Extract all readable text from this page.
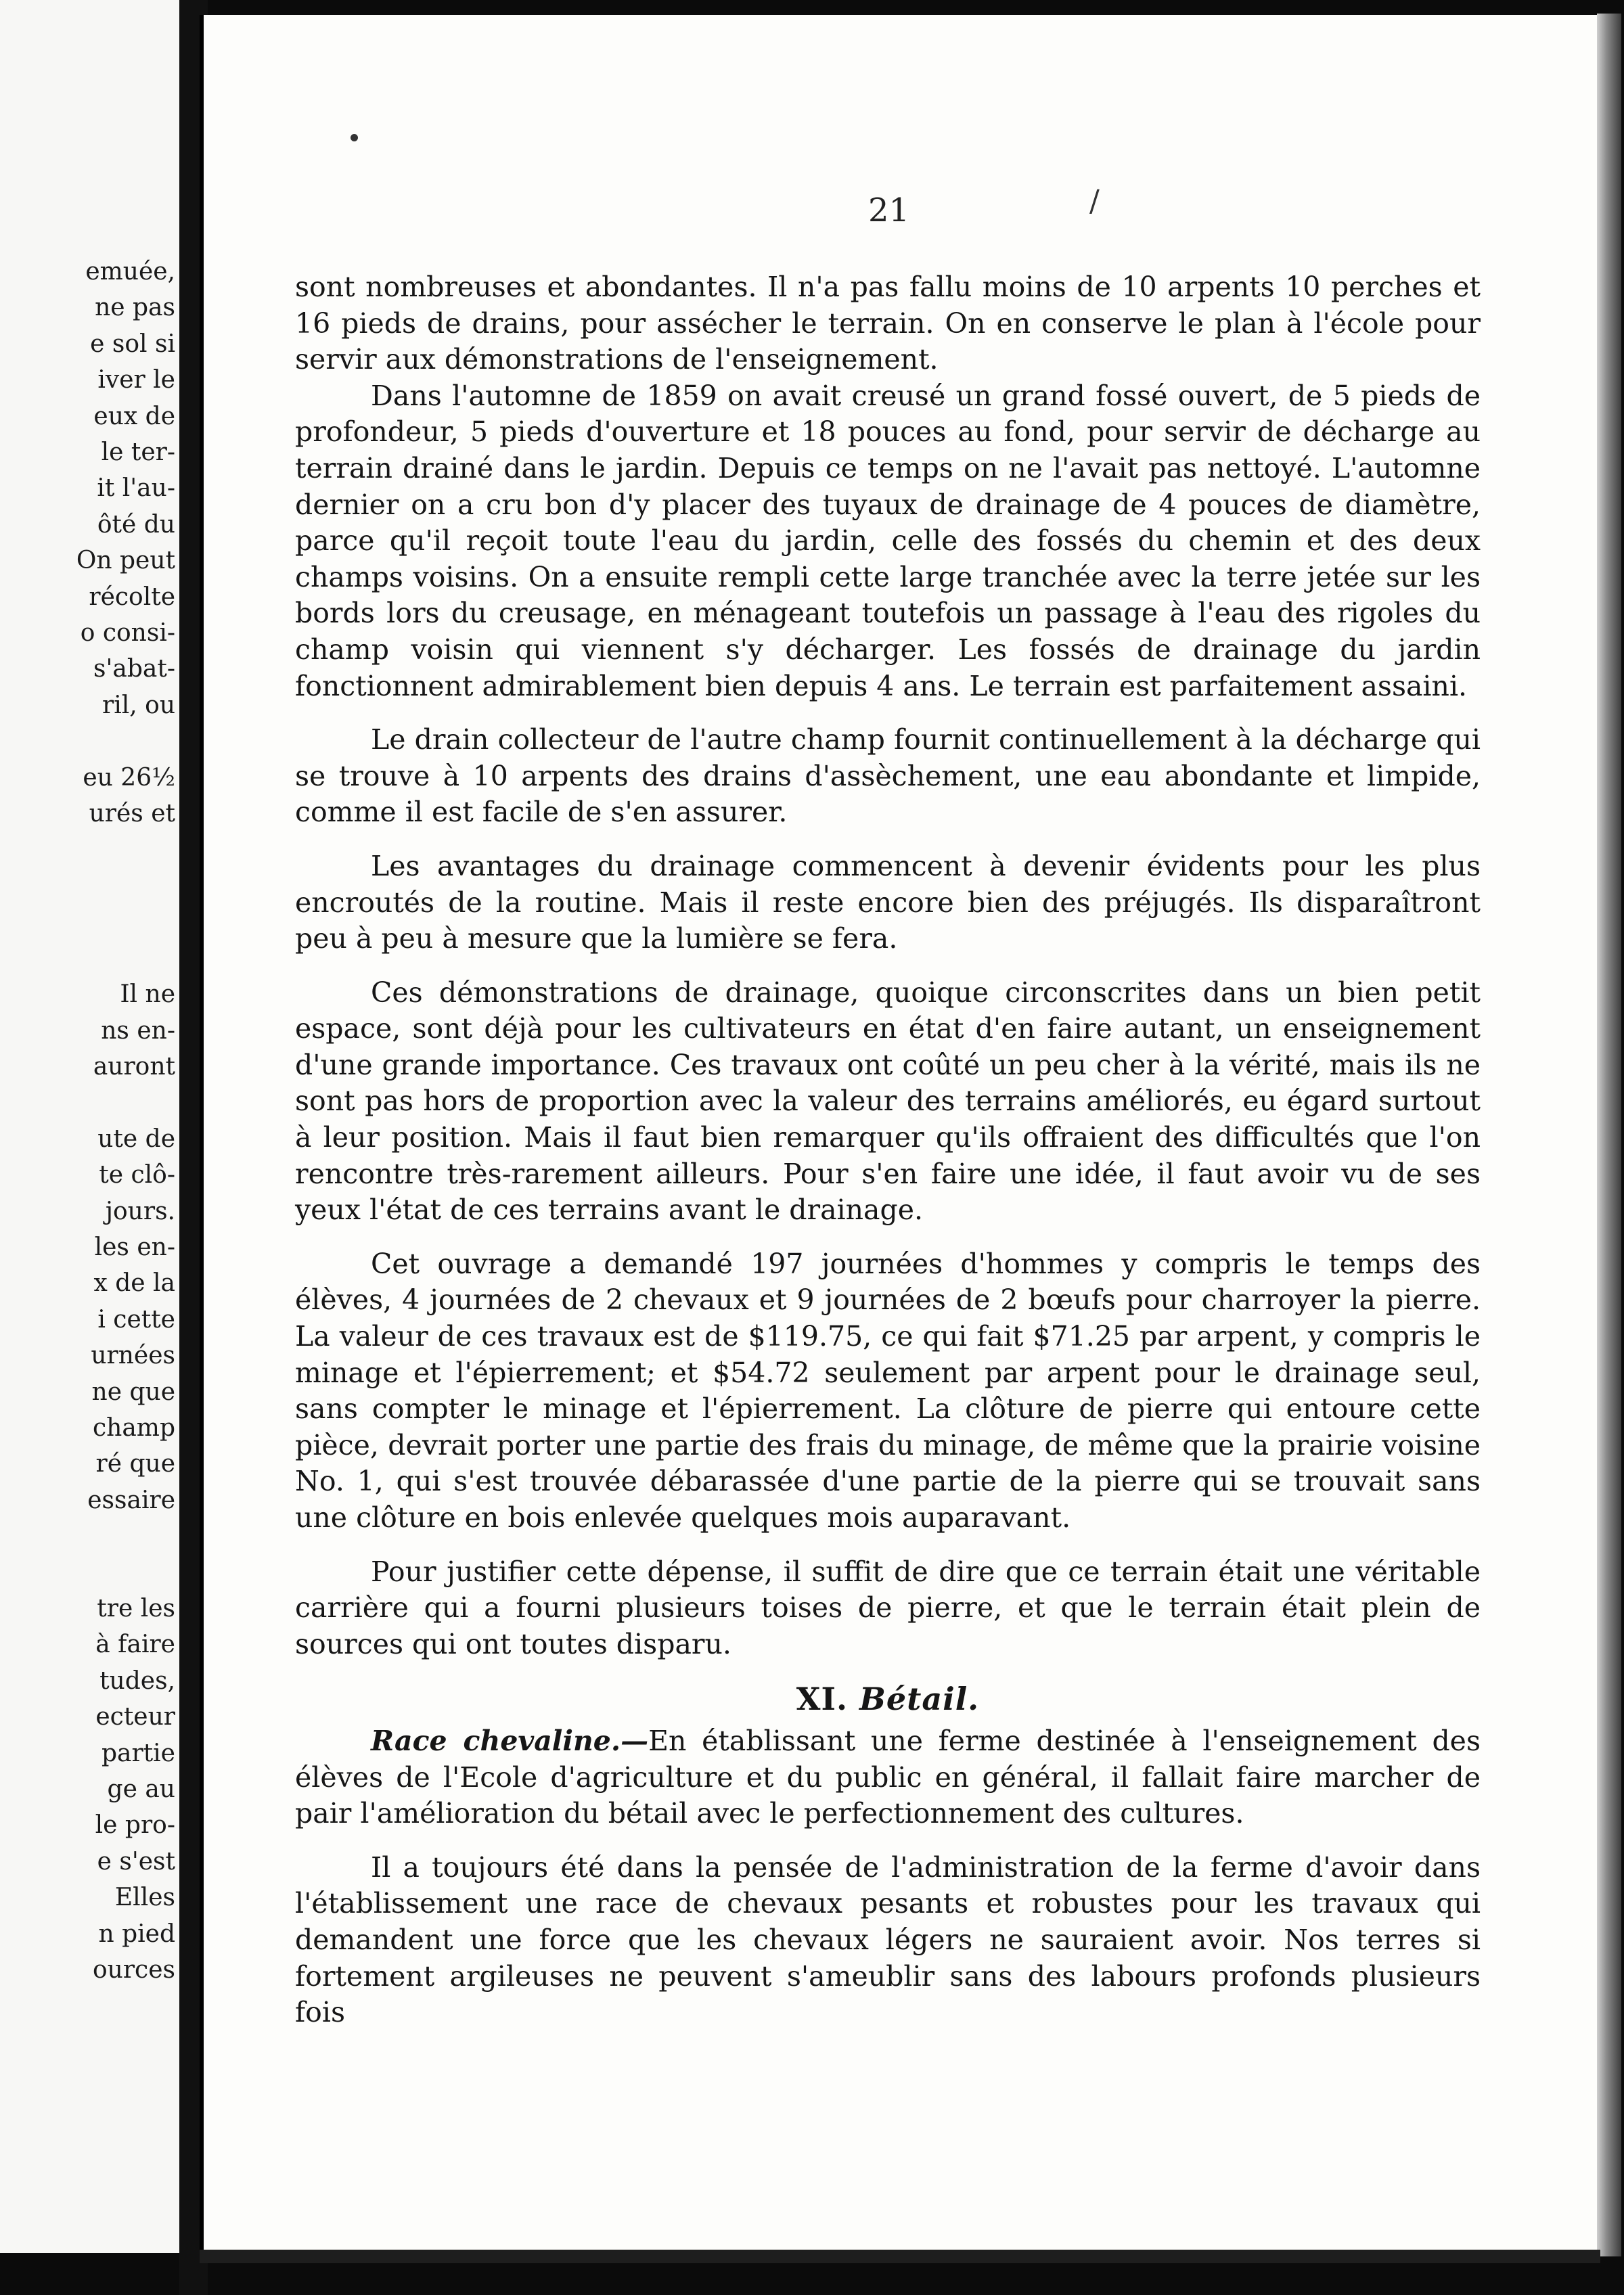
emuée,
ne pas
e sol si
iver le
eux de
le ter-
it l'au-
ôté du
On peut
récolte
o consi-
s'abat-
ril, ou

eu 26½
urés et

Il ne
ns en-
auront

ute de
te clô-
jours.
les en-
x de la
i cette
urnées
ne que
champ
ré que
essaire

tre les
à faire
tudes,
ecteur
partie
ge au
le pro-
e s'est
Elles
n pied
ources
21	/

sont nombreuses et abondantes. Il n'a pas fallu moins de 10 arpents 10 perches et 16 pieds de drains, pour assécher le terrain. On en conserve le plan à l'école pour servir aux démonstrations de l'enseignement.

Dans l'automne de 1859 on avait creusé un grand fossé ouvert, de 5 pieds de profondeur, 5 pieds d'ouverture et 18 pouces au fond, pour servir de décharge au terrain drainé dans le jardin. Depuis ce temps on ne l'avait pas nettoyé. L'automne dernier on a cru bon d'y placer des tuyaux de drainage de 4 pouces de diamètre, parce qu'il reçoit toute l'eau du jardin, celle des fossés du chemin et des deux champs voisins. On a ensuite rempli cette large tranchée avec la terre jetée sur les bords lors du creusage, en ménageant toutefois un passage à l'eau des rigoles du champ voisin qui viennent s'y décharger. Les fossés de drainage du jardin fonctionnent admirablement bien depuis 4 ans. Le terrain est parfaitement assaini.

Le drain collecteur de l'autre champ fournit continuellement à la décharge qui se trouve à 10 arpents des drains d'assèchement, une eau abondante et limpide, comme il est facile de s'en assurer.

Les avantages du drainage commencent à devenir évidents pour les plus encroutés de la routine. Mais il reste encore bien des préjugés. Ils disparaîtront peu à peu à mesure que la lumière se fera.

Ces démonstrations de drainage, quoique circonscrites dans un bien petit espace, sont déjà pour les cultivateurs en état d'en faire autant, un enseignement d'une grande importance. Ces travaux ont coûté un peu cher à la vérité, mais ils ne sont pas hors de proportion avec la valeur des terrains améliorés, eu égard surtout à leur position. Mais il faut bien remarquer qu'ils offraient des difficultés que l'on rencontre très-rarement ailleurs. Pour s'en faire une idée, il faut avoir vu de ses yeux l'état de ces terrains avant le drainage.

Cet ouvrage a demandé 197 journées d'hommes y compris le temps des élèves, 4 journées de 2 chevaux et 9 journées de 2 bœufs pour charroyer la pierre. La valeur de ces travaux est de $119.75, ce qui fait $71.25 par arpent, y compris le minage et l'épierrement; et $54.72 seulement par arpent pour le drainage seul, sans compter le minage et l'épierrement. La clôture de pierre qui entoure cette pièce, devrait porter une partie des frais du minage, de même que la prairie voisine No. 1, qui s'est trouvée débarassée d'une partie de la pierre qui se trouvait sans une clôture en bois enlevée quelques mois auparavant.

Pour justifier cette dépense, il suffit de dire que ce terrain était une véritable carrière qui a fourni plusieurs toises de pierre, et que le terrain était plein de sources qui ont toutes disparu.

XI. Bétail.

Race chevaline.—En établissant une ferme destinée à l'enseignement des élèves de l'Ecole d'agriculture et du public en général, il fallait faire marcher de pair l'amélioration du bétail avec le perfectionnement des cultures.

Il a toujours été dans la pensée de l'administration de la ferme d'avoir dans l'établissement une race de chevaux pesants et robustes pour les travaux qui demandent une force que les chevaux légers ne sauraient avoir. Nos terres si fortement argileuses ne peuvent s'ameublir sans des labours profonds plusieurs fois
